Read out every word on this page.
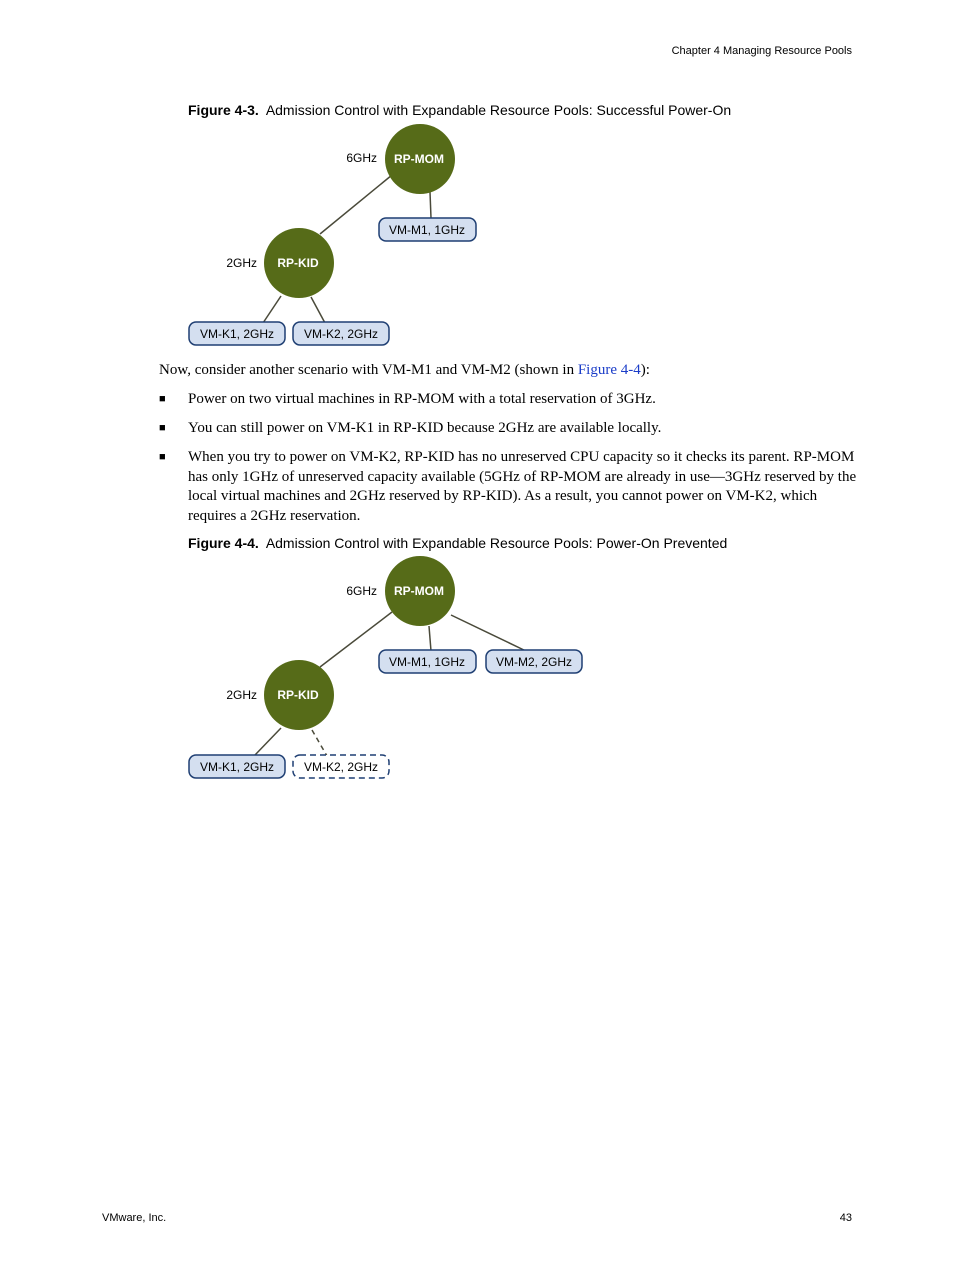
Chapter 4 Managing Resource Pools
Figure 4-3. Admission Control with Expandable Resource Pools: Successful Power-On
RP-MOM
6GHz
RP-KID
2GHz
VM-M1, 1GHz
VM-K1, 2GHz VM-K2, 2GHz
Now, consider another scenario with VM-M1 and VM-M2 (shown in Figure 4-4):
■ Power on two virtual machines in RP-MOM with a total reservation of 3GHz.
■ You can still power on VM-K1 in RP-KID because 2GHz are available locally.
■ When you try to power on VM-K2, RP-KID has no unreserved CPU capacity so it checks its parent. RP-MOM has only 1GHz of unreserved capacity available (5GHz of RP-MOM are already in use—3GHz reserved by the local virtual machines and 2GHz reserved by RP-KID). As a result, you cannot power on VM-K2, which requires a 2GHz reservation.
Figure 4-4. Admission Control with Expandable Resource Pools: Power-On Prevented
RP-MOM
6GHz
RP-KID
2GHz
VM-M1, 1GHz	VM-M2, 2GHz
VM-K1, 2GHz VM-K2, 2GHz
VMware, Inc.	43
